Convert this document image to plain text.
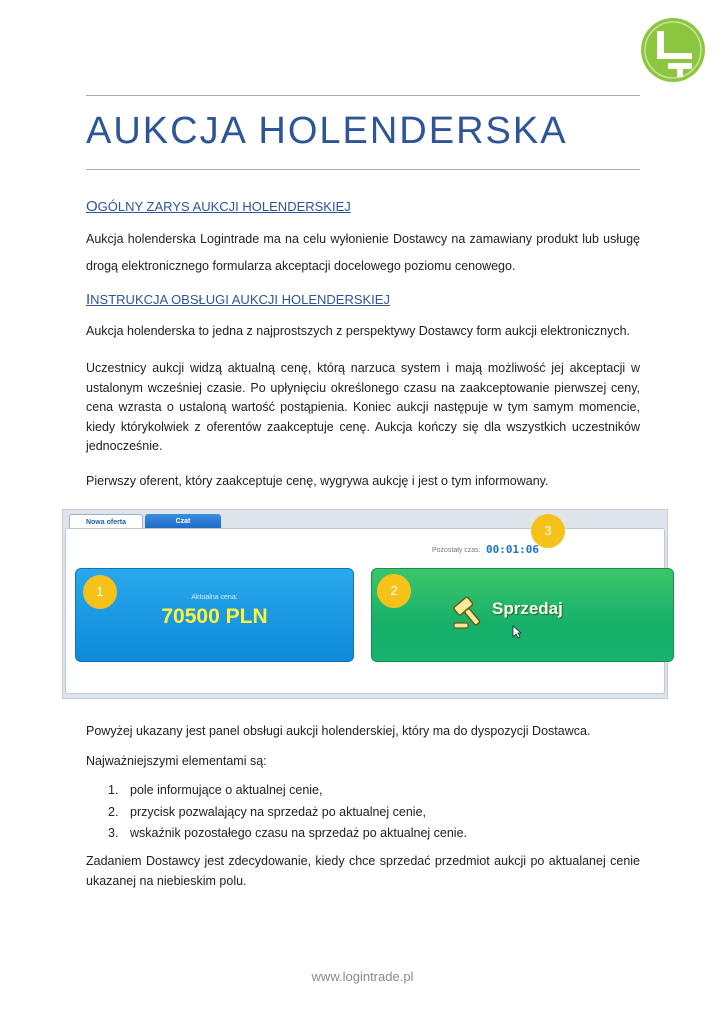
AUKCJA HOLENDERSKA
OGÓLNY ZARYS AUKCJI HOLENDERSKIEJ

Aukcja holenderska Logintrade ma na celu wyłonienie Dostawcy na zamawiany produkt lub usługę drogą elektronicznego formularza akceptacji docelowego poziomu cenowego.

INSTRUKCJA OBSŁUGI AUKCJI HOLENDERSKIEJ

Aukcja holenderska to jedna z najprostszych z perspektywy Dostawcy form aukcji elektronicznych.

Uczestnicy aukcji widzą aktualną cenę, którą narzuca system i mają możliwość jej akceptacji w ustalonym wcześniej czasie. Po upłynięciu określonego czasu na zaakceptowanie pierwszej ceny, cena wzrasta o ustaloną wartość postąpienia. Koniec aukcji następuje w tym samym momencie, kiedy którykolwiek z oferentów zaakceptuje cenę. Aukcja kończy się dla wszystkich uczestników jednocześnie.

Pierwszy oferent, który zaakceptuje cenę, wygrywa aukcję i jest o tym informowany.

Nowa oferta	Czat
Pozostały czas: 00:01:06
Aktualna cena:
70500 PLN	Sprzedaj
1	2
3

Powyżej ukazany jest panel obsługi aukcji holenderskiej, który ma do dyspozycji Dostawca.

Najważniejszymi elementami są:

1. pole informujące o aktualnej cenie,
2. przycisk pozwalający na sprzedaż po aktualnej cenie,
3. wskaźnik pozostałego czasu na sprzedaż po aktualnej cenie.

Zadaniem Dostawcy jest zdecydowanie, kiedy chce sprzedać przedmiot aukcji po aktualanej cenie ukazanej na niebieskim polu.

www.logintrade.pl
